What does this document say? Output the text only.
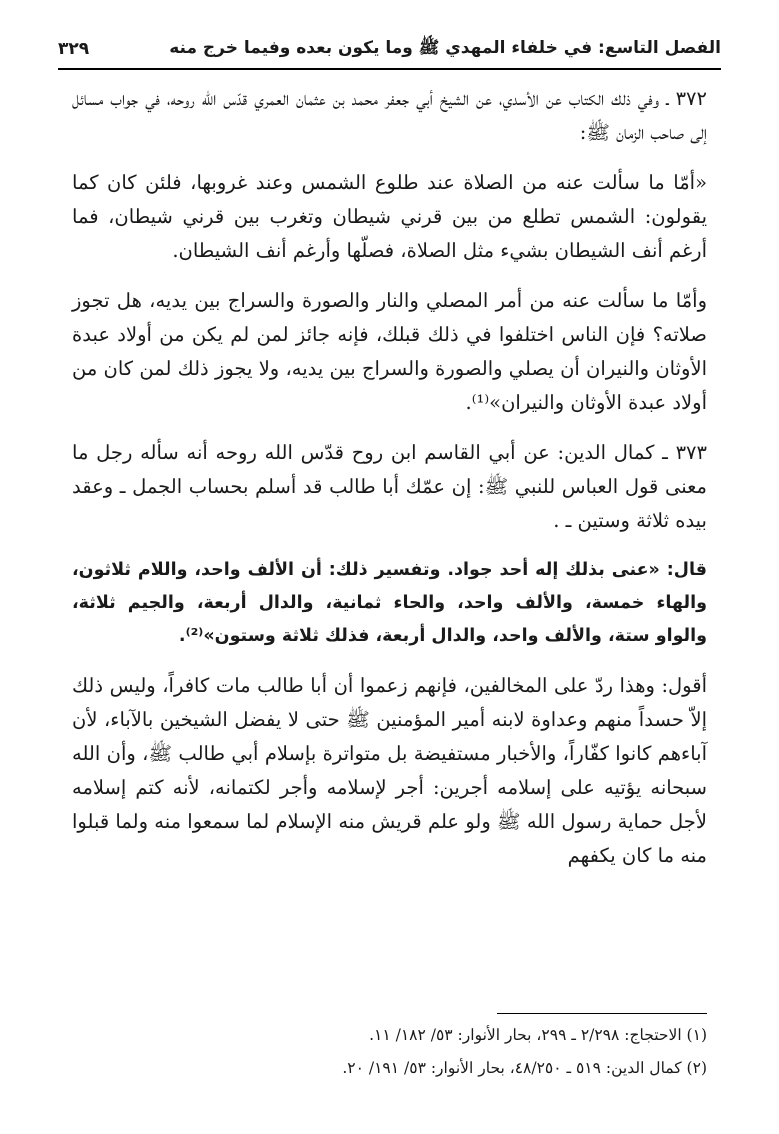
الفصل التاسع: في خلفاء المهدي ﷺ وما يكون بعده وفيما خرج منه
٣٢٩

٣٧٢ ـ وفي ذلك الكتاب عن الأسدي، عن الشيخ أبي جعفر محمد بن عثمان العمري قدّس الله روحه، في جواب مسائل إلى صاحب الزمان ﷺ:

«أمّا ما سألت عنه من الصلاة عند طلوع الشمس وعند غروبها، فلئن كان كما يقولون: الشمس تطلع من بين قرني شيطان وتغرب بين قرني شيطان، فما أرغم أنف الشيطان بشيء مثل الصلاة، فصلّها وأرغم أنف الشيطان.

وأمّا ما سألت عنه من أمر المصلي والنار والصورة والسراج بين يديه، هل تجوز صلاته؟ فإن الناس اختلفوا في ذلك قبلك، فإنه جائز لمن لم يكن من أولاد عبدة الأوثان والنيران أن يصلي والصورة والسراج بين يديه، ولا يجوز ذلك لمن كان من أولاد عبدة الأوثان والنيران»⁽¹⁾.

٣٧٣ ـ كمال الدين: عن أبي القاسم ابن روح قدّس الله روحه أنه سأله رجل ما معنى قول العباس للنبي ﷺ: إن عمّك أبا طالب قد أسلم بحساب الجمل ـ وعقد بيده ثلاثة وستين ـ .

قال: «عنى بذلك إله أحد جواد. وتفسير ذلك: أن الألف واحد، واللام ثلاثون، والهاء خمسة، والألف واحد، والحاء ثمانية، والدال أربعة، والجيم ثلاثة، والواو ستة، والألف واحد، والدال أربعة، فذلك ثلاثة وستون»⁽²⁾.

أقول: وهذا ردّ على المخالفين، فإنهم زعموا أن أبا طالب مات كافراً، وليس ذلك إلاّ حسداً منهم وعداوة لابنه أمير المؤمنين ﷺ حتى لا يفضل الشيخين بالآباء، لأن آباءهم كانوا كفّاراً، والأخبار مستفيضة بل متواترة بإسلام أبي طالب ﷺ، وأن الله سبحانه يؤتيه على إسلامه أجرين: أجر لإسلامه وأجر لكتمانه، لأنه كتم إسلامه لأجل حماية رسول الله ﷺ ولو علم قريش منه الإسلام لما سمعوا منه ولما قبلوا منه ما كان يكفهم

(١) الاحتجاج: ٢/٢٩٨ ـ ٢٩٩، بحار الأنوار: ٥٣/ ١٨٢/ ١١.

(٢) كمال الدين: ٥١٩ ـ ٤٨/٢٥٠، بحار الأنوار: ٥٣/ ١٩١/ ٢٠.
